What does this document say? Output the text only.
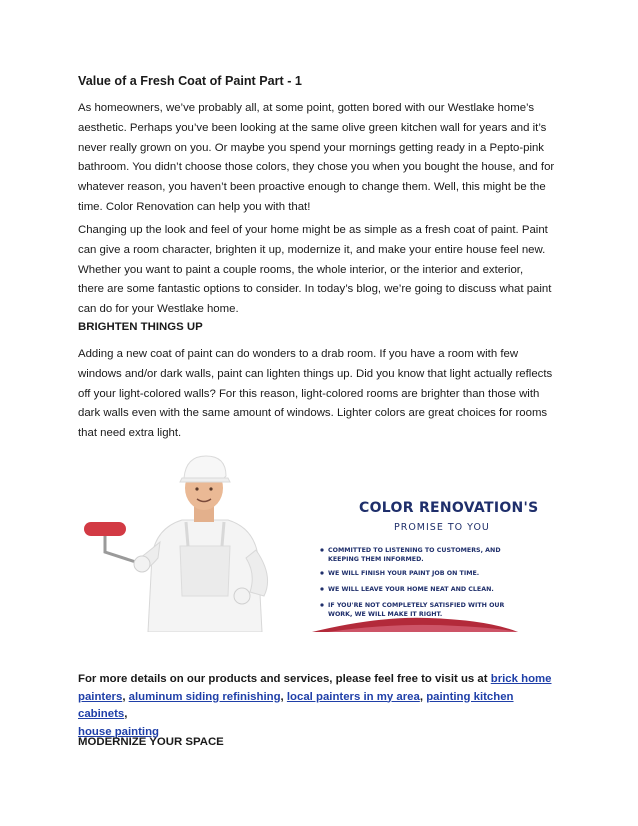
Value of a Fresh Coat of Paint Part - 1
As homeowners, we’ve probably all, at some point, gotten bored with our Westlake home’s
aesthetic. Perhaps you’ve been looking at the same olive green kitchen wall for years and it’s
never really grown on you. Or maybe you spend your mornings getting ready in a Pepto-pink
bathroom. You didn’t choose those colors, they chose you when you bought the house, and for
whatever reason, you haven’t been proactive enough to change them. Well, this might be the
time. Color Renovation can help you with that!
Changing up the look and feel of your home might be as simple as a fresh coat of paint. Paint
can give a room character, brighten it up, modernize it, and make your entire house feel new.
Whether you want to paint a couple rooms, the whole interior, or the interior and exterior,
there are some fantastic options to consider. In today’s blog, we’re going to discuss what paint
can do for your Westlake home.
BRIGHTEN THINGS UP
Adding a new coat of paint can do wonders to a drab room. If you have a room with few
windows and/or dark walls, paint can lighten things up. Did you know that light actually reflects
off your light-colored walls? For this reason, light-colored rooms are brighter than those with
dark walls even with the same amount of windows. Lighter colors are great choices for rooms
that need extra light.
COLOR RENOVATION'S
PROMISE TO YOU
COMMITTED TO LISTENING TO CUSTOMERS, AND
KEEPING THEM INFORMED.
WE WILL FINISH YOUR PAINT JOB ON TIME.
WE WILL LEAVE YOUR HOME NEAT AND CLEAN.
IF YOU'RE NOT COMPLETELY SATISFIED WITH OUR
WORK, WE WILL MAKE IT RIGHT.
For more details on our products and services, please feel free to visit us at brick home painters, aluminum siding refinishing, local painters in my area, painting kitchen cabinets,
house painting
MODERNIZE YOUR SPACE
